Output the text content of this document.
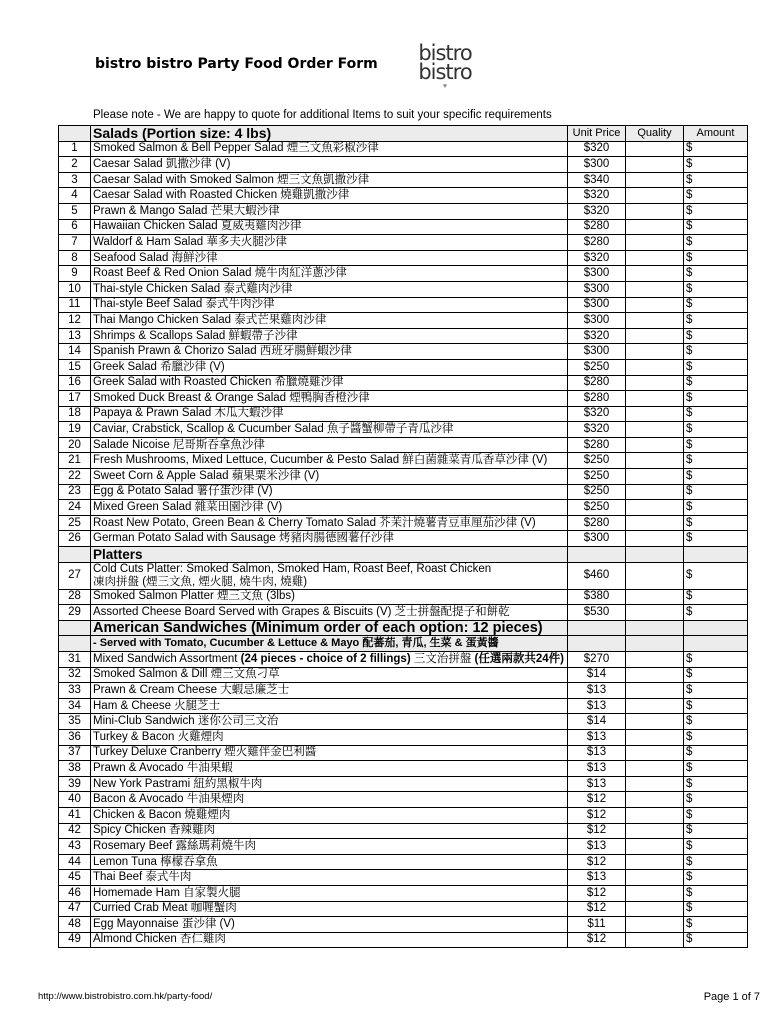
bistro bistro Party Food Order Form bistro
bistro
♥
Please note - We are happy to quote for additional Items to suit your specific requirements
	Salads (Portion size: 4 lbs)	Unit Price	Quality	Amount
1	Smoked Salmon & Bell Pepper Salad 煙三文魚彩椒沙律	$320		$
2	Caesar Salad 凱撒沙律 (V)	$300		$
3	Caesar Salad with Smoked Salmon 煙三文魚凱撒沙律	$340		$
4	Caesar Salad with Roasted Chicken 燒雞凱撒沙律	$320		$
5	Prawn & Mango Salad 芒果大蝦沙律	$320		$
6	Hawaiian Chicken Salad 夏威夷雞肉沙律	$280		$
7	Waldorf & Ham Salad 華多夫火腿沙律	$280		$
8	Seafood Salad 海鮮沙律	$320		$
9	Roast Beef & Red Onion Salad 燒牛肉紅洋蔥沙律	$300		$
10	Thai-style Chicken Salad 泰式雞肉沙律	$300		$
11	Thai-style Beef Salad 泰式牛肉沙律	$300		$
12	Thai Mango Chicken Salad 泰式芒果雞肉沙律	$300		$
13	Shrimps & Scallops Salad 鮮蝦帶子沙律	$320		$
14	Spanish Prawn & Chorizo Salad 西班牙腸鮮蝦沙律	$300		$
15	Greek Salad 希臘沙律 (V)	$250		$
16	Greek Salad with Roasted Chicken 希臘燒雞沙律	$280		$
17	Smoked Duck Breast & Orange Salad 煙鴨胸香橙沙律	$280		$
18	Papaya & Prawn Salad 木瓜大蝦沙律	$320		$
19	Caviar, Crabstick, Scallop & Cucumber Salad 魚子醬蟹柳帶子青瓜沙律	$320		$
20	Salade Nicoise 尼哥斯吞拿魚沙律	$280		$
21	Fresh Mushrooms, Mixed Lettuce, Cucumber & Pesto Salad 鮮白菌雜菜青瓜香草沙律 (V)	$250		$
22	Sweet Corn & Apple Salad 蘋果粟米沙律 (V)	$250		$
23	Egg & Potato Salad 薯仔蛋沙律 (V)	$250		$
24	Mixed Green Salad 雜菜田園沙律 (V)	$250		$
25	Roast New Potato, Green Bean & Cherry Tomato Salad 芥茉汁燒薯青豆車厘茄沙律 (V)	$280		$
26	German Potato Salad with Sausage 烤豬肉腸德國薯仔沙律	$300		$
	Platters			
27	Cold Cuts Platter: Smoked Salmon, Smoked Ham, Roast Beef, Roast Chicken
凍肉拼盤 (煙三文魚, 煙火腿, 燒牛肉, 燒雞)	$460		$
28	Smoked Salmon Platter 煙三文魚 (3lbs)	$380		$
29	Assorted Cheese Board Served with Grapes & Biscuits (V) 芝士拼盤配提子和餅乾	$530		$
	American Sandwiches (Minimum order of each option: 12 pieces)			
	- Served with Tomato, Cucumber & Lettuce & Mayo 配蕃茄, 青瓜, 生菜 & 蛋黃醬			
31	Mixed Sandwich Assortment (24 pieces - choice of 2 fillings) 三文治拼盤 (任選兩款共24件)	$270		$
32	Smoked Salmon & Dill 煙三文魚刁草	$14		$
33	Prawn & Cream Cheese 大蝦忌廉芝士	$13		$
34	Ham & Cheese 火腿芝士	$13		$
35	Mini-Club Sandwich 迷你公司三文治	$14		$
36	Turkey & Bacon 火雞煙肉	$13		$
37	Turkey Deluxe Cranberry 煙火雞伴金巴利醬	$13		$
38	Prawn & Avocado 牛油果蝦	$13		$
39	New York Pastrami 紐約黑椒牛肉	$13		$
40	Bacon & Avocado 牛油果煙肉	$12		$
41	Chicken & Bacon 燒雞煙肉	$12		$
42	Spicy Chicken 香辣雞肉	$12		$
43	Rosemary Beef 露絲瑪莉燒牛肉	$13		$
44	Lemon Tuna 檸檬吞拿魚	$12		$
45	Thai Beef 泰式牛肉	$13		$
46	Homemade Ham 自家製火腿	$12		$
47	Curried Crab Meat 咖喱蟹肉	$12		$
48	Egg Mayonnaise 蛋沙律 (V)	$11		$
49	Almond Chicken 杏仁雞肉	$12		$
http://www.bistrobistro.com.hk/party-food/	Page 1 of 7
